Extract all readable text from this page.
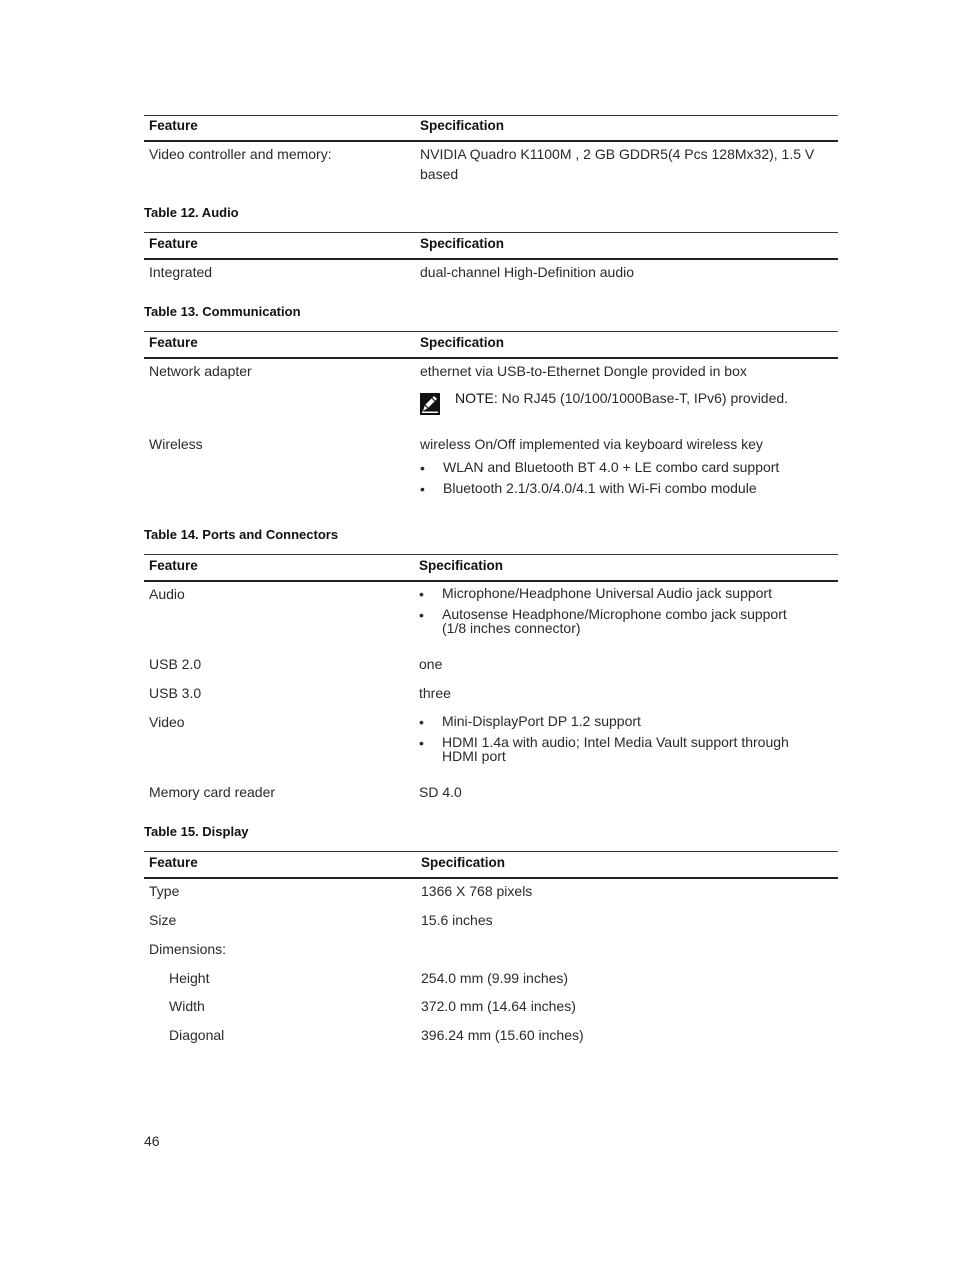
Feature	Specification
Video controller and memory:	NVIDIA Quadro K1100M , 2 GB GDDR5(4 Pcs 128Mx32), 1.5 V
based
Table 12. Audio
Feature	Specification
Integrated	dual-channel High-Definition audio
Table 13. Communication
Feature	Specification
Network adapter	ethernet via USB-to-Ethernet Dongle provided in box
NOTE: No RJ45 (10/100/1000Base-T, IPv6) provided.
Wireless	wireless On/Off implemented via keyboard wireless key
• WLAN and Bluetooth BT 4.0 + LE combo card support
• Bluetooth 2.1/3.0/4.0/4.1 with Wi-Fi combo module
Table 14. Ports and Connectors
Feature	Specification
Audio	• Microphone/Headphone Universal Audio jack support
• Autosense Headphone/Microphone combo jack support
(1/8 inches connector)
USB 2.0	one
USB 3.0	three
Video	• Mini-DisplayPort DP 1.2 support
• HDMI 1.4a with audio; Intel Media Vault support through
HDMI port
Memory card reader	SD 4.0
Table 15. Display
Feature	Specification
Type	1366 X 768 pixels
Size	15.6 inches
Dimensions:
Height	254.0 mm (9.99 inches)
Width	372.0 mm (14.64 inches)
Diagonal	396.24 mm (15.60 inches)
46
